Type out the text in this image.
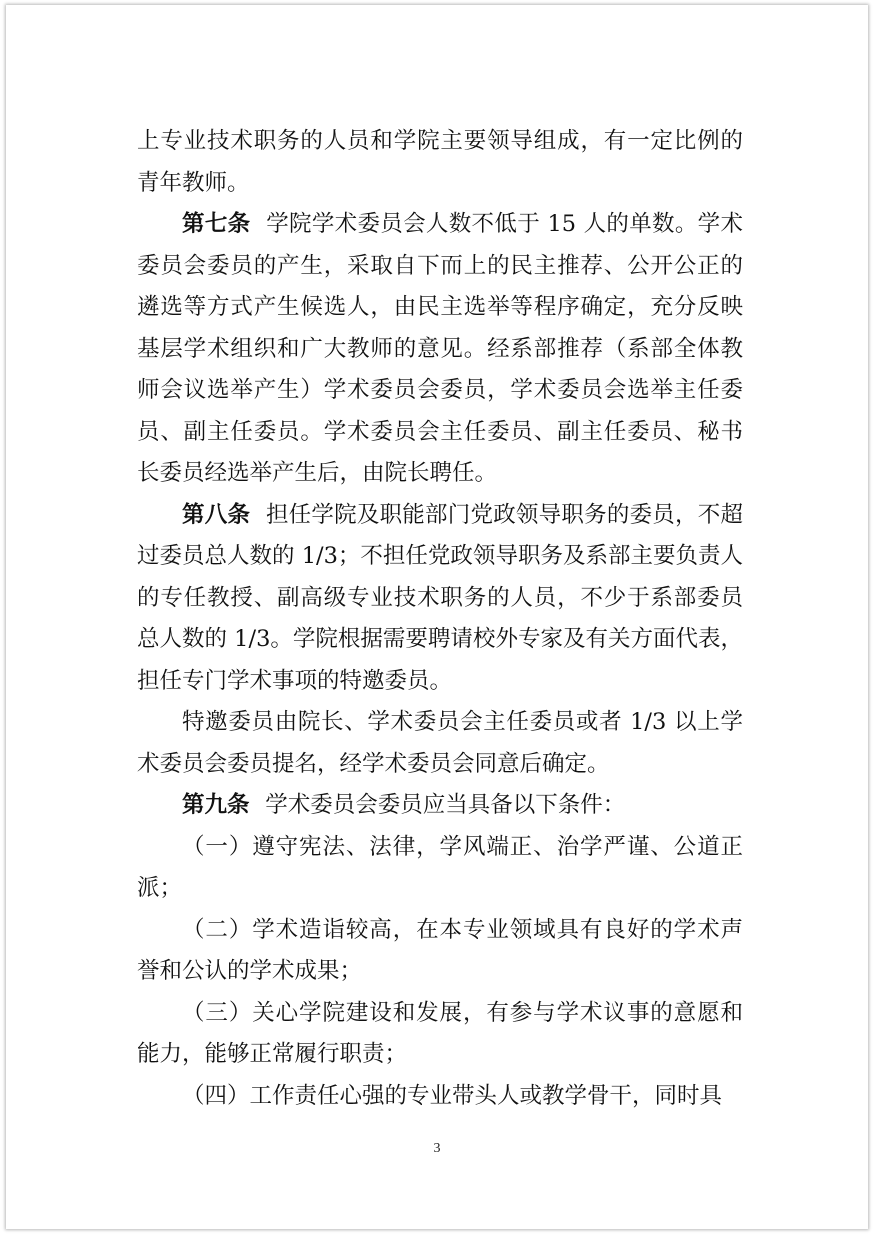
上专业技术职务的人员和学院主要领导组成，有一定比例的青年教师。

第七条 学院学术委员会人数不低于 15 人的单数。学术委员会委员的产生，采取自下而上的民主推荐、公开公正的遴选等方式产生候选人，由民主选举等程序确定，充分反映基层学术组织和广大教师的意见。经系部推荐（系部全体教师会议选举产生）学术委员会委员，学术委员会选举主任委员、副主任委员。学术委员会主任委员、副主任委员、秘书长委员经选举产生后，由院长聘任。

第八条 担任学院及职能部门党政领导职务的委员，不超过委员总人数的 1/3；不担任党政领导职务及系部主要负责人的专任教授、副高级专业技术职务的人员，不少于系部委员总人数的 1/3。学院根据需要聘请校外专家及有关方面代表，担任专门学术事项的特邀委员。

特邀委员由院长、学术委员会主任委员或者 1/3 以上学术委员会委员提名，经学术委员会同意后确定。

第九条 学术委员会委员应当具备以下条件：

（一）遵守宪法、法律，学风端正、治学严谨、公道正派；

（二）学术造诣较高，在本专业领域具有良好的学术声誉和公认的学术成果；

（三）关心学院建设和发展，有参与学术议事的意愿和能力，能够正常履行职责；

（四）工作责任心强的专业带头人或教学骨干，同时具

3
